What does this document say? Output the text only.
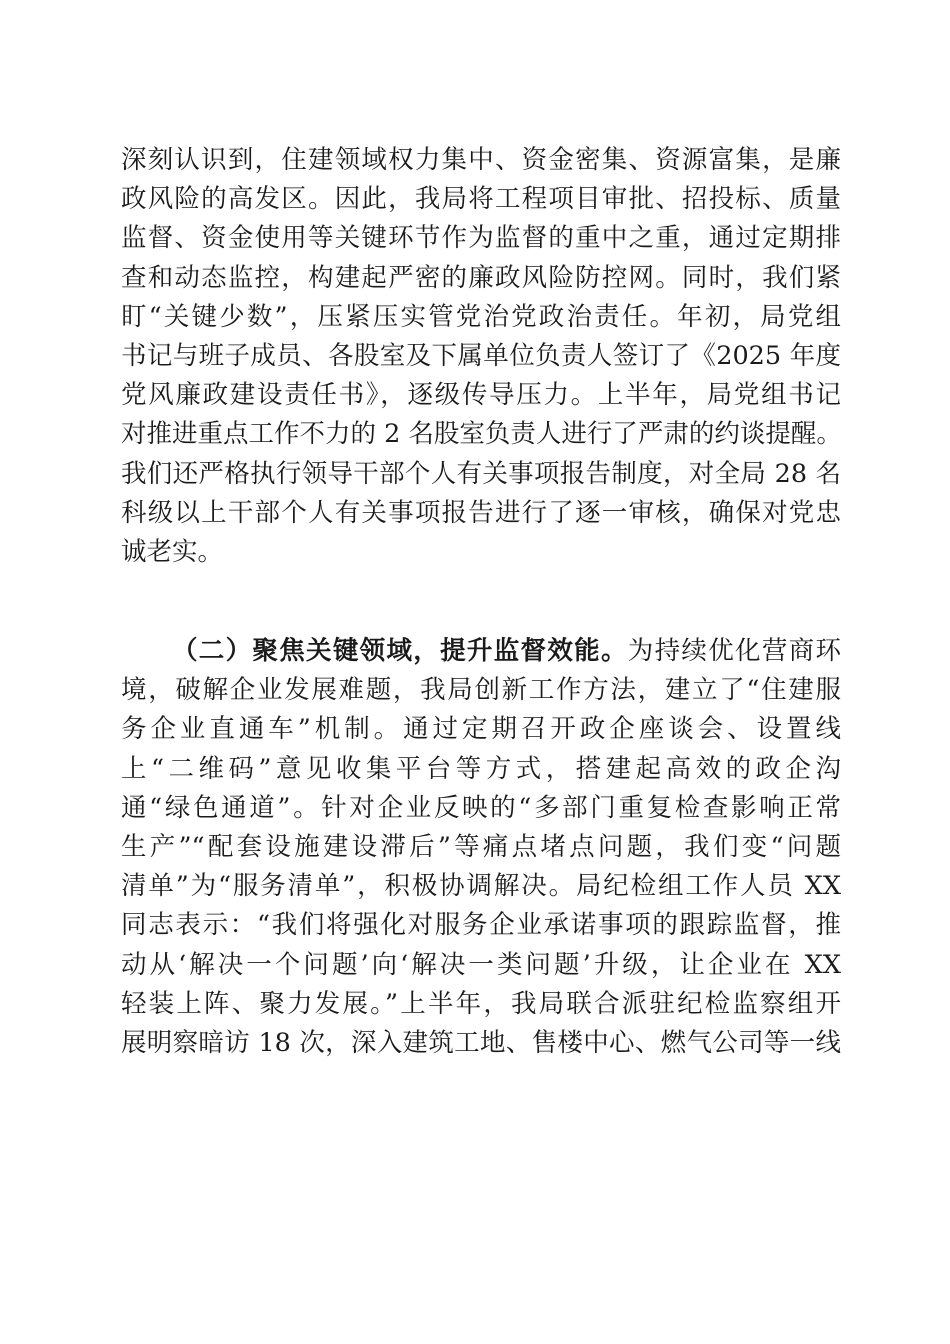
深刻认识到，住建领域权力集中、资金密集、资源富集，是廉
政风险的高发区。因此，我局将工程项目审批、招投标、质量
监督、资金使用等关键环节作为监督的重中之重，通过定期排
查和动态监控，构建起严密的廉政风险防控网。同时，我们紧
盯“关键少数”，压紧压实管党治党政治责任。年初，局党组
书记与班子成员、各股室及下属单位负责人签订了《2025 年度
党风廉政建设责任书》，逐级传导压力。上半年，局党组书记
对推进重点工作不力的 2 名股室负责人进行了严肃的约谈提醒。
我们还严格执行领导干部个人有关事项报告制度，对全局 28 名
科级以上干部个人有关事项报告进行了逐一审核，确保对党忠
诚老实。
（二）聚焦关键领域，提升监督效能。为持续优化营商环
境，破解企业发展难题，我局创新工作方法，建立了“住建服
务企业直通车”机制。通过定期召开政企座谈会、设置线
上“二维码”意见收集平台等方式，搭建起高效的政企沟
通“绿色通道”。针对企业反映的“多部门重复检查影响正常
生产”“配套设施建设滞后”等痛点堵点问题，我们变“问题
清单”为“服务清单”，积极协调解决。局纪检组工作人员 XX
同志表示：“我们将强化对服务企业承诺事项的跟踪监督，推
动从‘解决一个问题’向‘解决一类问题’升级，让企业在 XX
轻装上阵、聚力发展。”上半年，我局联合派驻纪检监察组开
展明察暗访 18 次，深入建筑工地、售楼中心、燃气公司等一线
